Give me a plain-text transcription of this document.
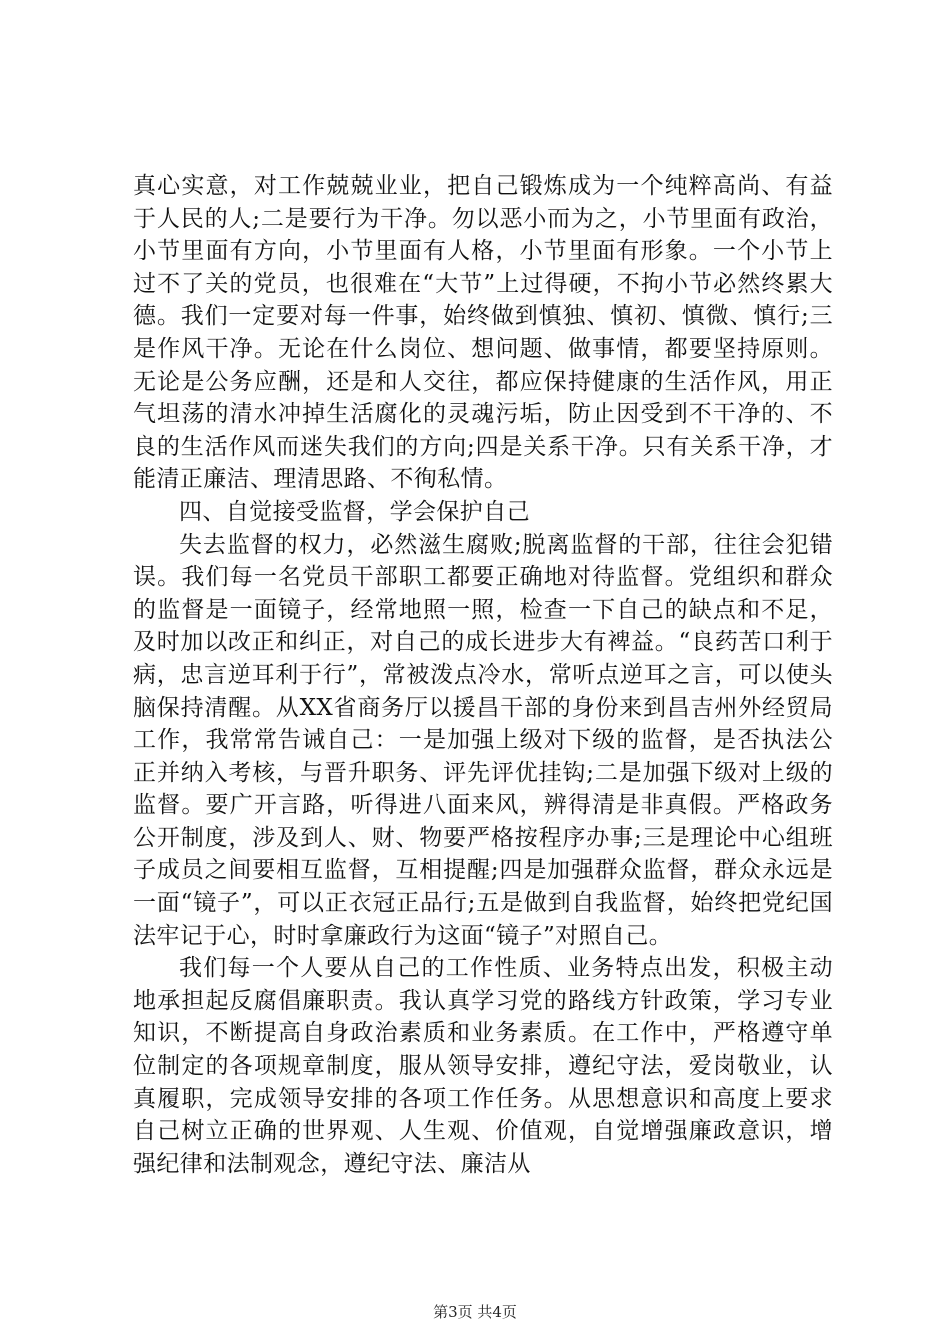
真心实意，对工作兢兢业业，把自己锻炼成为一个纯粹高尚、有益于人民的人;二是要行为干净。勿以恶小而为之，小节里面有政治，小节里面有方向，小节里面有人格，小节里面有形象。一个小节上过不了关的党员，也很难在“大节”上过得硬，不拘小节必然终累大德。我们一定要对每一件事，始终做到慎独、慎初、慎微、慎行;三是作风干净。无论在什么岗位、想问题、做事情，都要坚持原则。无论是公务应酬，还是和人交往，都应保持健康的生活作风，用正气坦荡的清水冲掉生活腐化的灵魂污垢，防止因受到不干净的、不良的生活作风而迷失我们的方向;四是关系干净。只有关系干净，才能清正廉洁、理清思路、不徇私情。

四、自觉接受监督，学会保护自己

失去监督的权力，必然滋生腐败;脱离监督的干部，往往会犯错误。我们每一名党员干部职工都要正确地对待监督。党组织和群众的监督是一面镜子，经常地照一照，检查一下自己的缺点和不足，及时加以改正和纠正，对自己的成长进步大有裨益。“良药苦口利于病，忠言逆耳利于行”，常被泼点冷水，常听点逆耳之言，可以使头脑保持清醒。从XX省商务厅以援昌干部的身份来到昌吉州外经贸局工作，我常常告诫自己：一是加强上级对下级的监督，是否执法公正并纳入考核，与晋升职务、评先评优挂钩;二是加强下级对上级的监督。要广开言路，听得进八面来风，辨得清是非真假。严格政务公开制度，涉及到人、财、物要严格按程序办事;三是理论中心组班子成员之间要相互监督，互相提醒;四是加强群众监督，群众永远是一面“镜子”，可以正衣冠正品行;五是做到自我监督，始终把党纪国法牢记于心，时时拿廉政行为这面“镜子”对照自己。

我们每一个人要从自己的工作性质、业务特点出发，积极主动地承担起反腐倡廉职责。我认真学习党的路线方针政策，学习专业知识，不断提高自身政治素质和业务素质。在工作中，严格遵守单位制定的各项规章制度，服从领导安排，遵纪守法，爱岗敬业，认真履职，完成领导安排的各项工作任务。从思想意识和高度上要求自己树立正确的世界观、人生观、价值观，自觉增强廉政意识，增强纪律和法制观念，遵纪守法、廉洁从

第3页 共4页
